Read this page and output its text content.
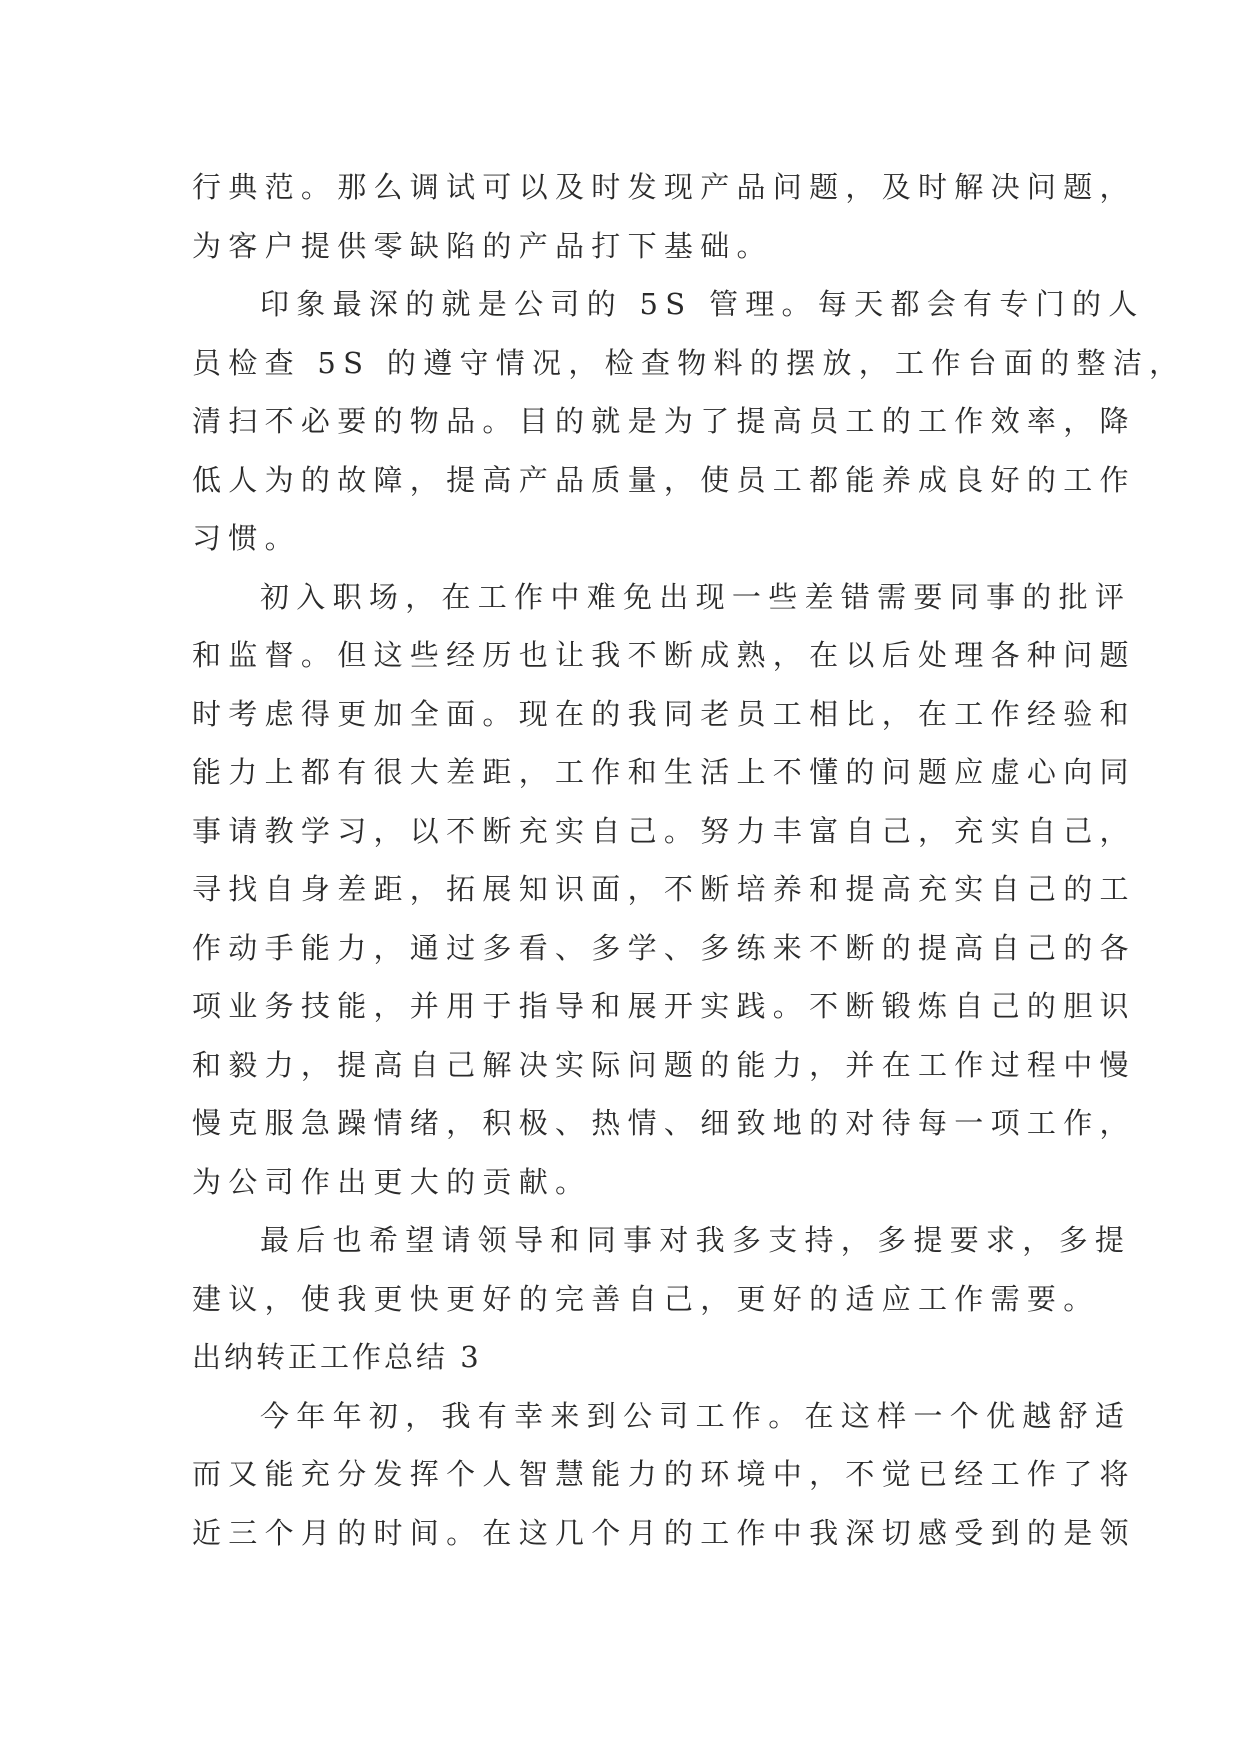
行典范。那么调试可以及时发现产品问题，及时解决问题，
为客户提供零缺陷的产品打下基础。
印象最深的就是公司的 5S 管理。每天都会有专门的人
员检查 5S 的遵守情况，检查物料的摆放，工作台面的整洁，
清扫不必要的物品。目的就是为了提高员工的工作效率，降
低人为的故障，提高产品质量，使员工都能养成良好的工作
习惯。
初入职场，在工作中难免出现一些差错需要同事的批评
和监督。但这些经历也让我不断成熟，在以后处理各种问题
时考虑得更加全面。现在的我同老员工相比，在工作经验和
能力上都有很大差距，工作和生活上不懂的问题应虚心向同
事请教学习，以不断充实自己。努力丰富自己，充实自己，
寻找自身差距，拓展知识面，不断培养和提高充实自己的工
作动手能力，通过多看、多学、多练来不断的提高自己的各
项业务技能，并用于指导和展开实践。不断锻炼自己的胆识
和毅力，提高自己解决实际问题的能力，并在工作过程中慢
慢克服急躁情绪，积极、热情、细致地的对待每一项工作，
为公司作出更大的贡献。
最后也希望请领导和同事对我多支持，多提要求，多提
建议，使我更快更好的完善自己，更好的适应工作需要。
出纳转正工作总结 3
今年年初，我有幸来到公司工作。在这样一个优越舒适
而又能充分发挥个人智慧能力的环境中，不觉已经工作了将
近三个月的时间。在这几个月的工作中我深切感受到的是领
